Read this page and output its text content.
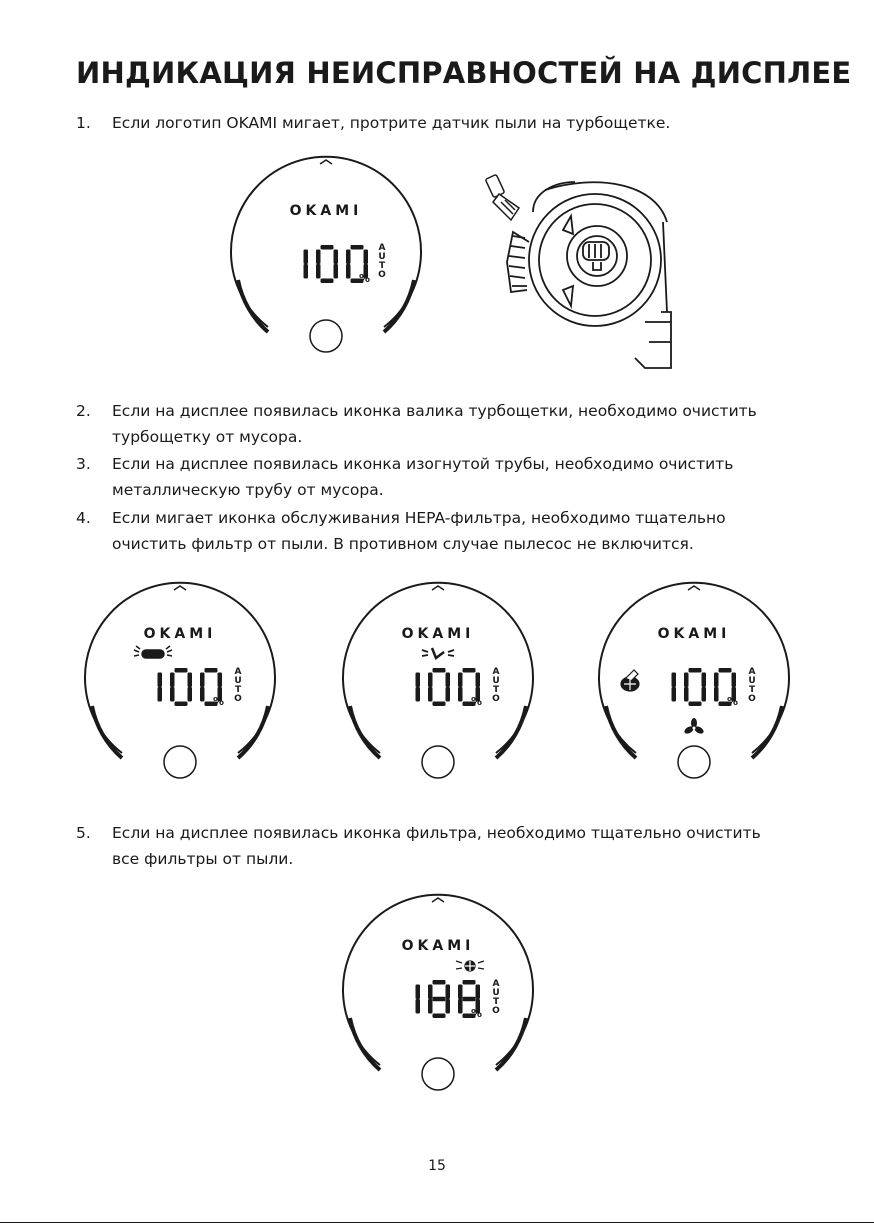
ИНДИКАЦИЯ НЕИСПРАВНОСТЕЙ НА ДИСПЛЕЕ
1. Если логотип OKAMI мигает, протрите датчик пыли на турбощетке.
OKAMI
%
A
U
T
O
2. Если на дисплее появилась иконка валика турбощетки, необходимо очистить
турбощетку от мусора.
3. Если на дисплее появилась иконка изогнутой трубы, необходимо очистить
металлическую трубу от мусора.
4. Если мигает иконка обслуживания HEPA-фильтра, необходимо тщательно
очистить фильтр от пыли. В противном случае пылесос не включится.
OKAMI
%
A
U
T
O
OKAMI
%
A
U
T
O
OKAMI
%
A
U
T
O
5. Если на дисплее появилась иконка фильтра, необходимо тщательно очистить
все фильтры от пыли.
OKAMI
%
A
U
T
O
15
